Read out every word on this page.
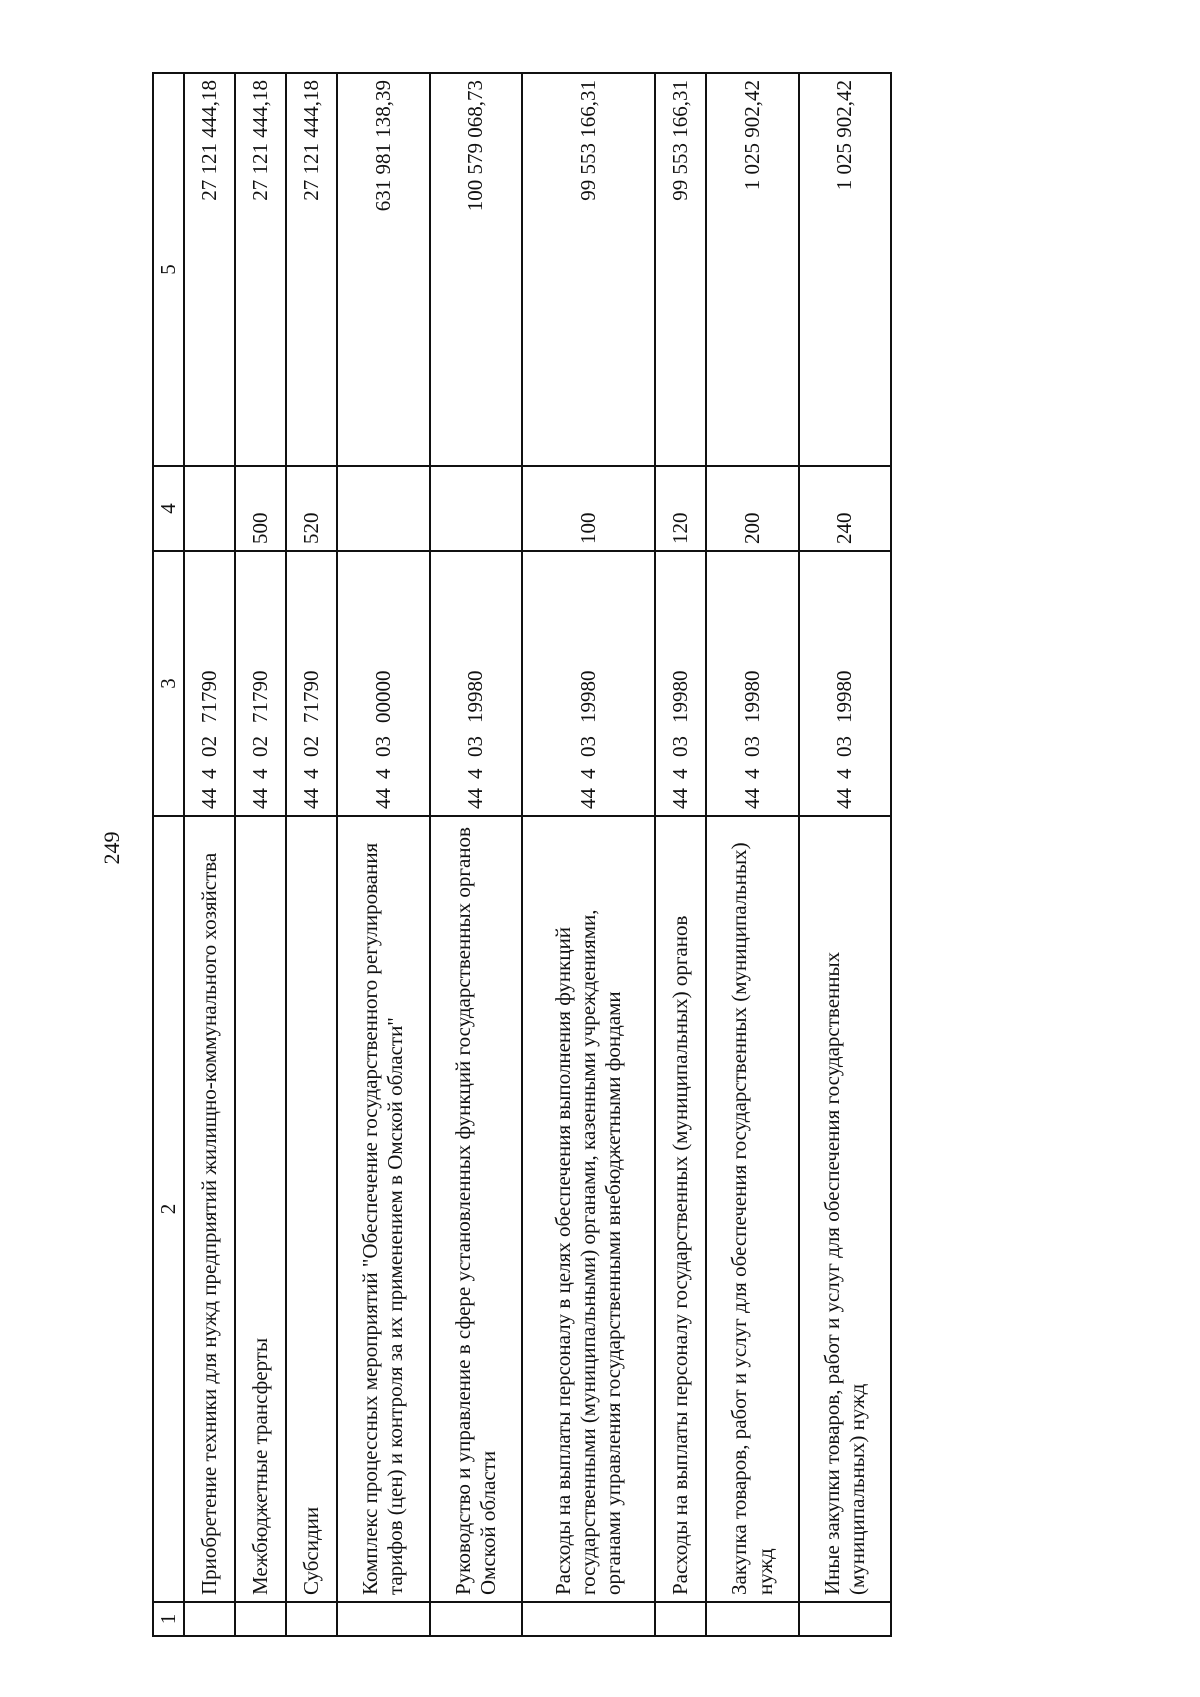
249
1	2	3	4	5
	Приобретение техники для нужд предприятий жилищно-коммунального хозяйства	4440271790		27 121 444,18
	Межбюджетные трансферты	4440271790	500	27 121 444,18
	Субсидии	4440271790	520	27 121 444,18
	Комплекс процессных мероприятий "Обеспечение государственного регулирования тарифов (цен) и контроля за их применением в Омской области"	4440300000		631 981 138,39
	Руководство и управление в сфере установленных функций государственных органов Омской области	4440319980		100 579 068,73
	Расходы на выплаты персоналу в целях обеспечения выполнения функций государственными (муниципальными) органами, казенными учреждениями, органами управления государственными внебюджетными фондами	4440319980	100	99 553 166,31
	Расходы на выплаты персоналу государственных (муниципальных) органов	4440319980	120	99 553 166,31
	Закупка товаров, работ и услуг для обеспечения государственных (муниципальных) нужд	4440319980	200	1 025 902,42
	Иные закупки товаров, работ и услуг для обеспечения государственных (муниципальных) нужд	4440319980	240	1 025 902,42
